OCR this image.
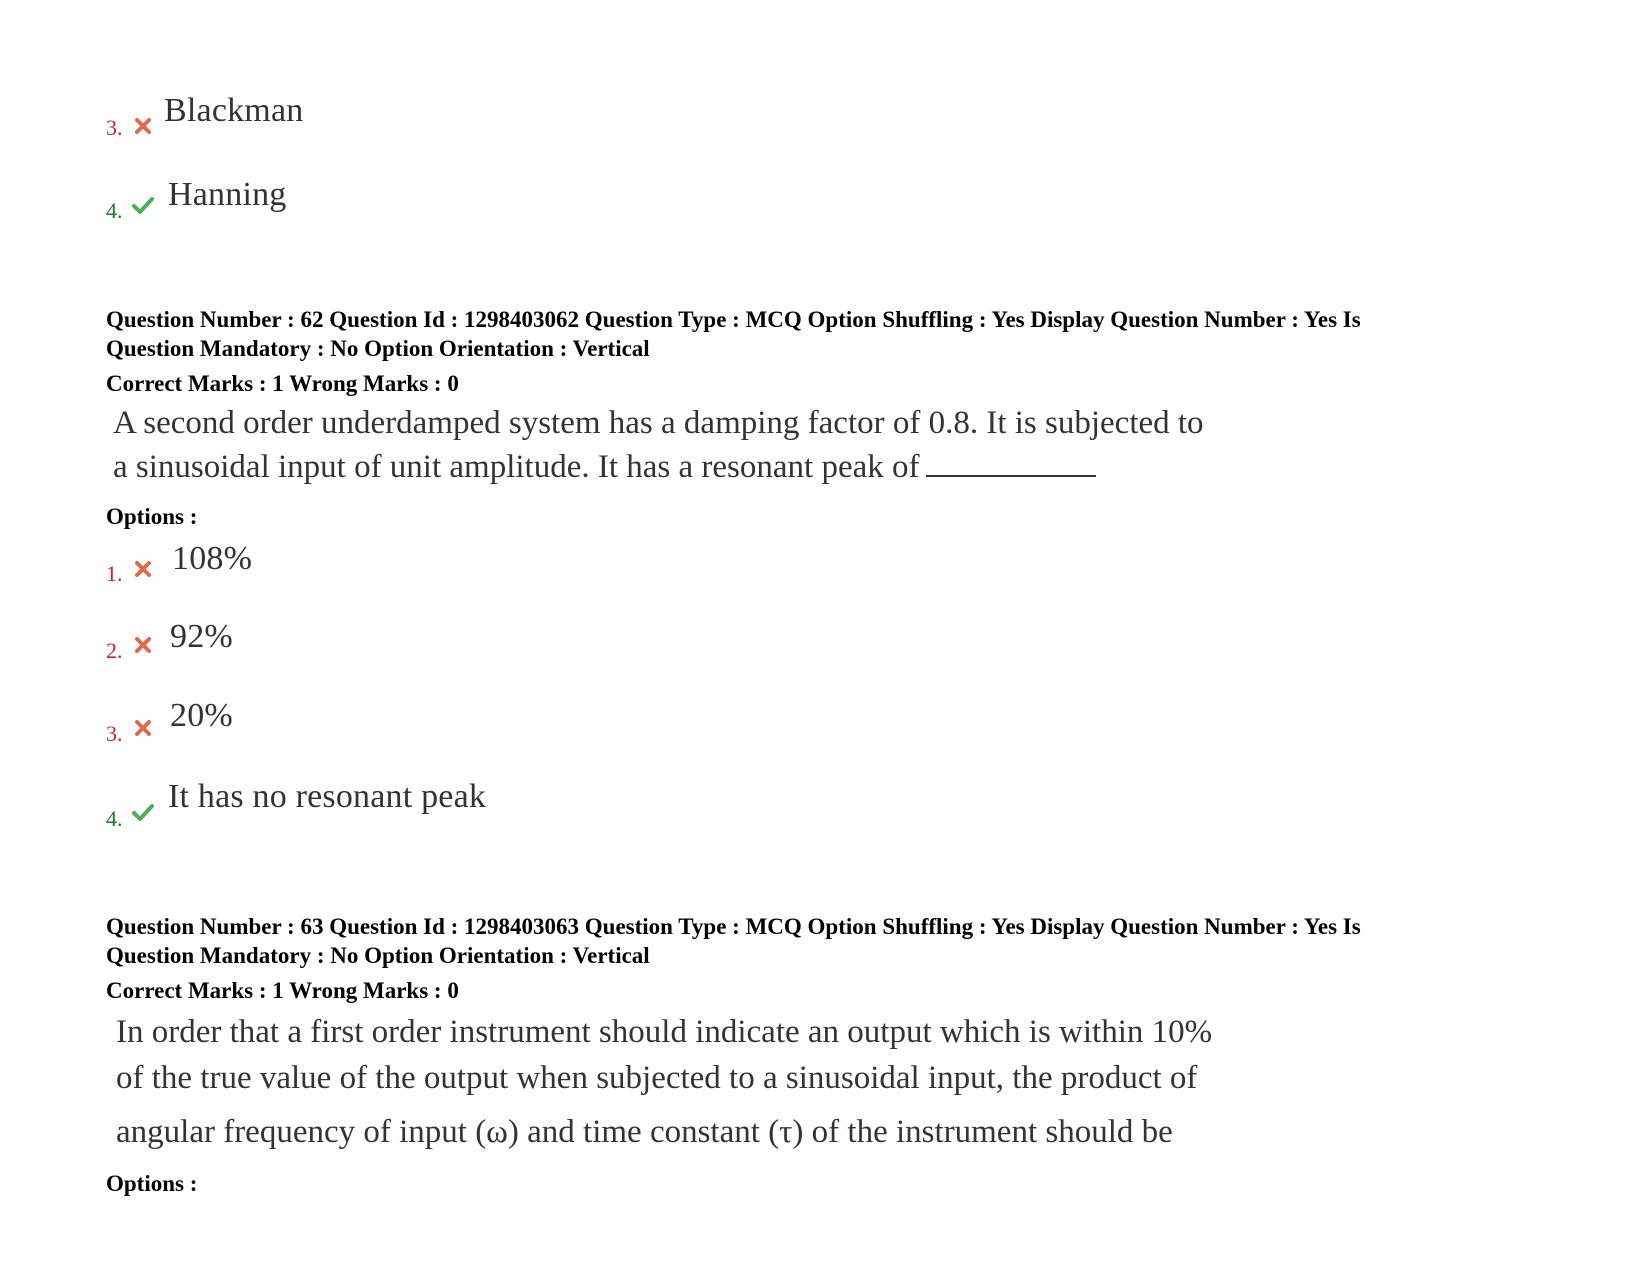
3. Blackman
4. Hanning
Question Number : 62 Question Id : 1298403062 Question Type : MCQ Option Shuffling : Yes Display Question Number : Yes Is
Question Mandatory : No Option Orientation : Vertical
Correct Marks : 1 Wrong Marks : 0
A second order underdamped system has a damping factor of 0.8. It is subjected to
a sinusoidal input of unit amplitude. It has a resonant peak of
Options :
1. 108%
2. 92%
3. 20%
4.
It has no resonant peak
Question Number : 63 Question Id : 1298403063 Question Type : MCQ Option Shuffling : Yes Display Question Number : Yes Is
Question Mandatory : No Option Orientation : Vertical
Correct Marks : 1 Wrong Marks : 0
In order that a first order instrument should indicate an output which is within 10%
of the true value of the output when subjected to a sinusoidal input, the product of
angular frequency of input (ω) and time constant (τ) of the instrument should be
Options :
